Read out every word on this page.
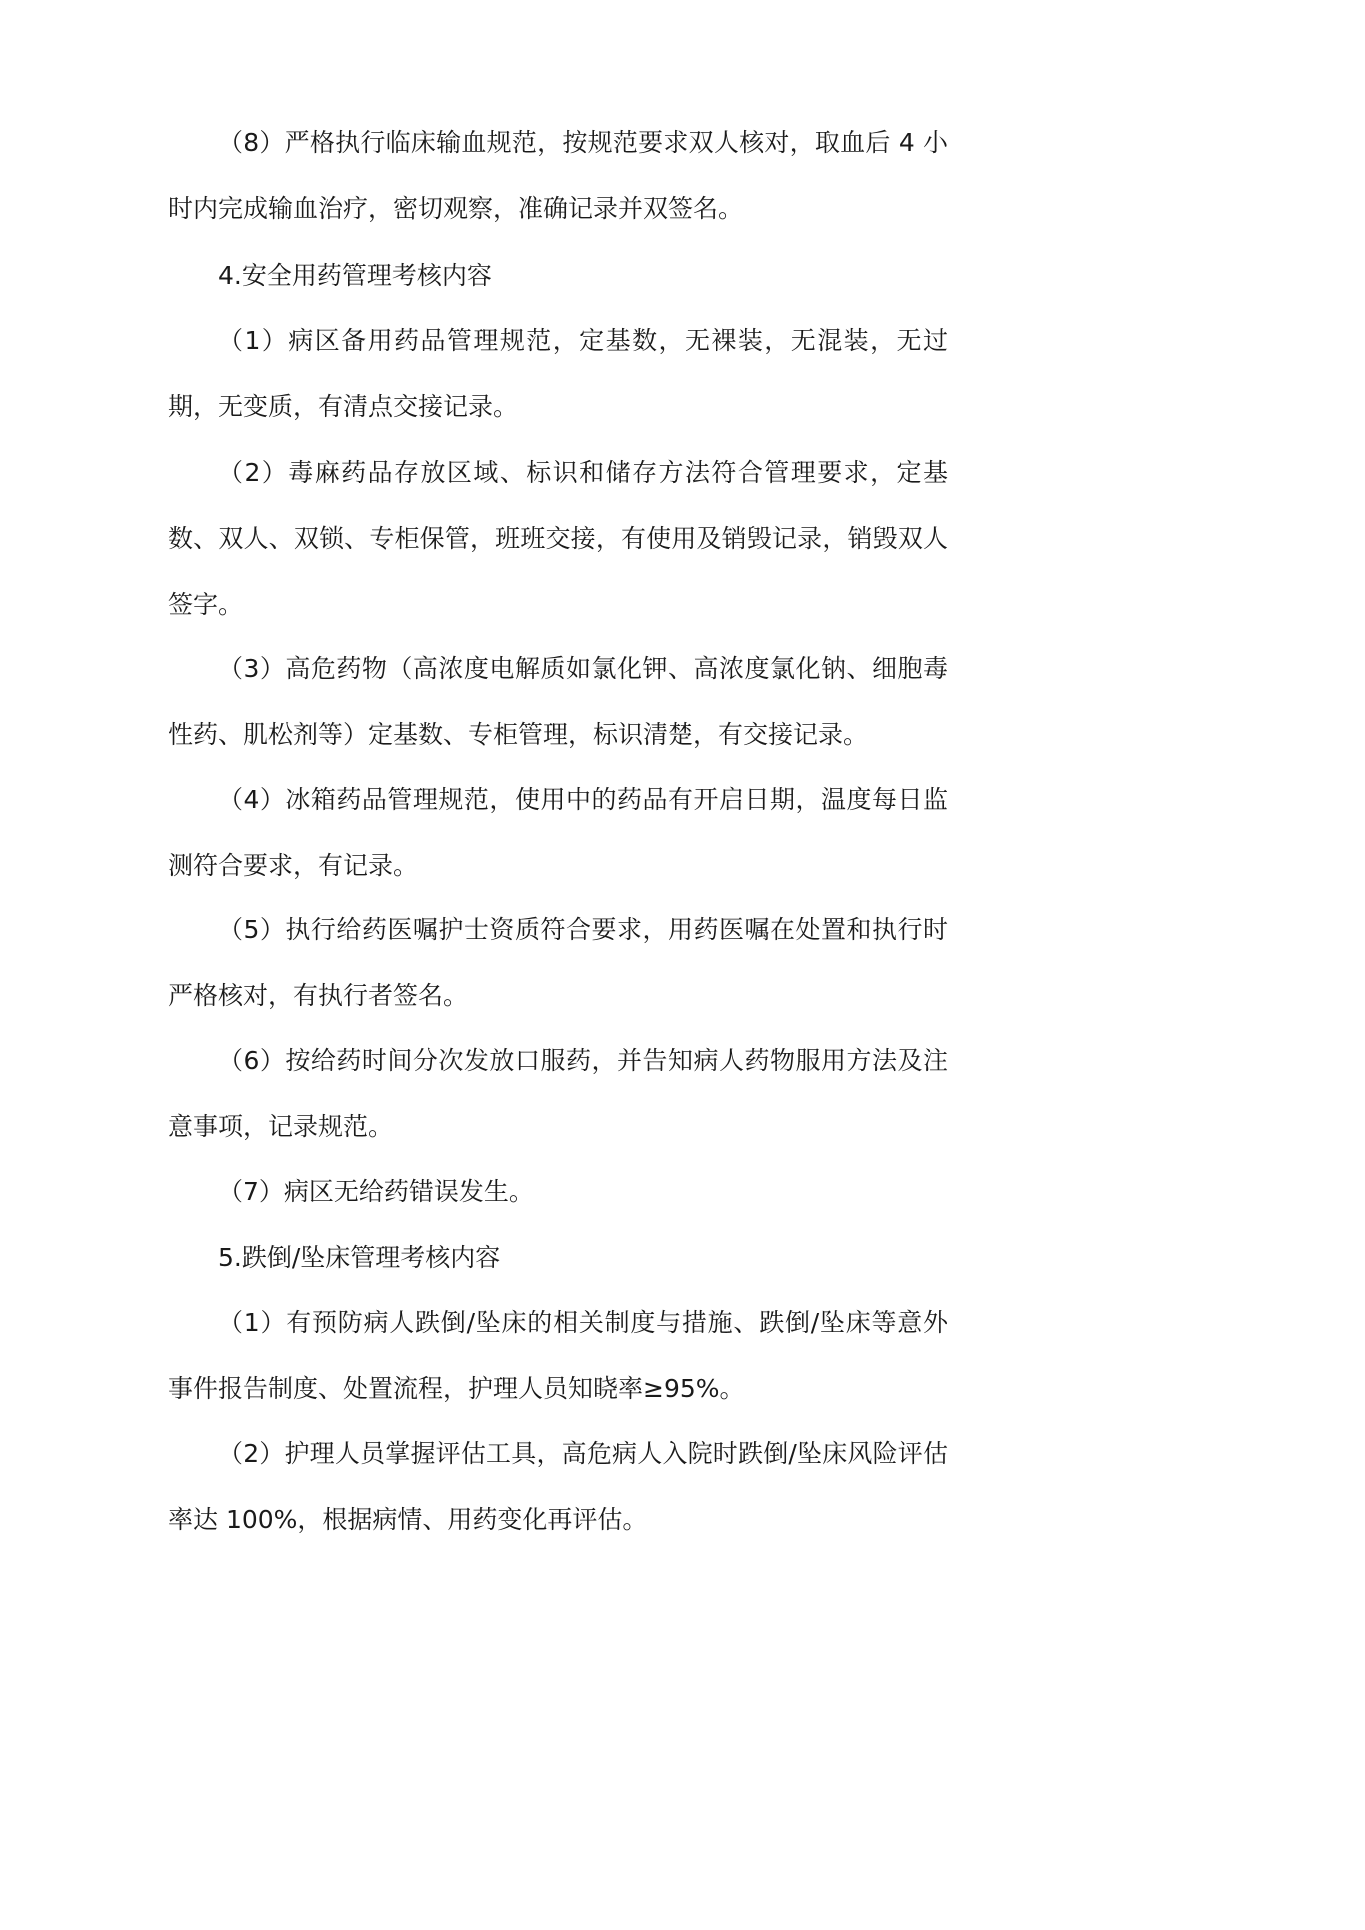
（8）严格执行临床输血规范，按规范要求双人核对，取血后 4 小时内完成输血治疗，密切观察，准确记录并双签名。

4.安全用药管理考核内容

（1）病区备用药品管理规范，定基数，无裸装，无混装，无过期，无变质，有清点交接记录。

（2）毒麻药品存放区域、标识和储存方法符合管理要求，定基数、双人、双锁、专柜保管，班班交接，有使用及销毁记录，销毁双人签字。

（3）高危药物（高浓度电解质如氯化钾、高浓度氯化钠、细胞毒性药、肌松剂等）定基数、专柜管理，标识清楚，有交接记录。

（4）冰箱药品管理规范，使用中的药品有开启日期，温度每日监测符合要求，有记录。

（5）执行给药医嘱护士资质符合要求，用药医嘱在处置和执行时严格核对，有执行者签名。

（6）按给药时间分次发放口服药，并告知病人药物服用方法及注意事项，记录规范。

（7）病区无给药错误发生。

5.跌倒/坠床管理考核内容

（1）有预防病人跌倒/坠床的相关制度与措施、跌倒/坠床等意外事件报告制度、处置流程，护理人员知晓率≥95%。

（2）护理人员掌握评估工具，高危病人入院时跌倒/坠床风险评估率达 100%，根据病情、用药变化再评估。
